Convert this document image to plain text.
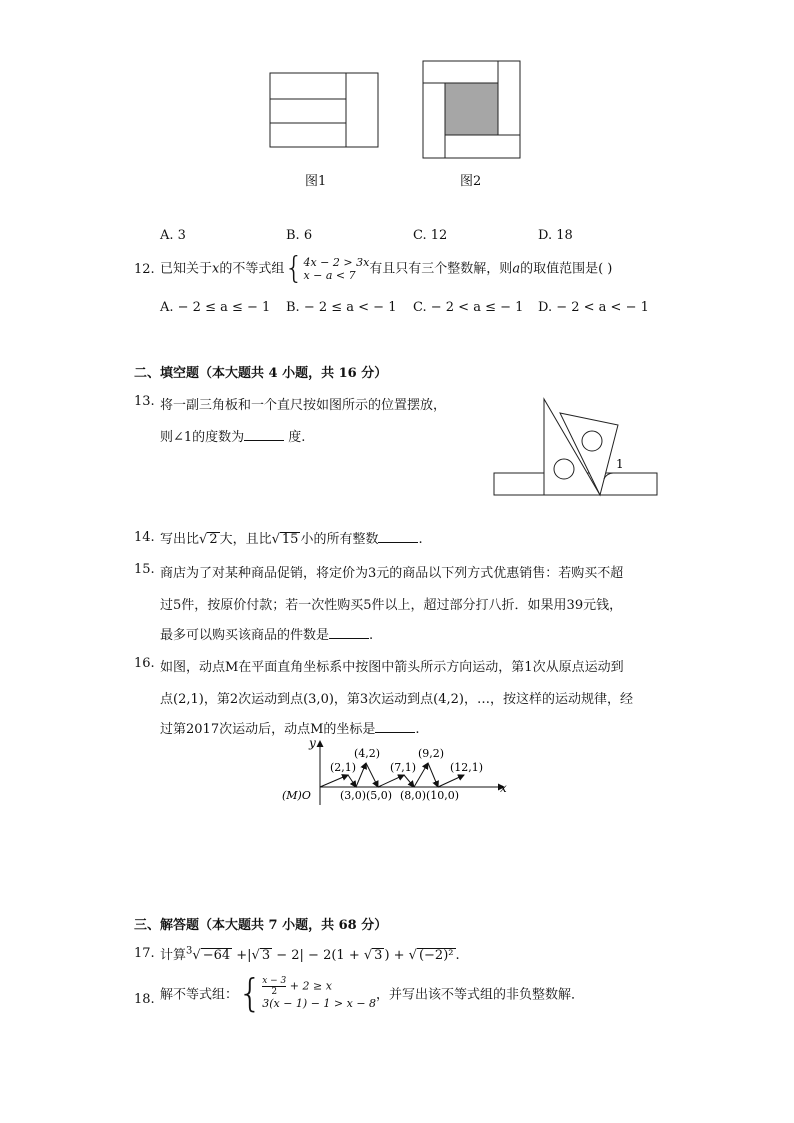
图1	图2
A. 3	B. 6	C. 12	D. 18
12. 已知关于x的不等式组{4x − 2 > 3x
x − a < 7 有且只有三个整数解，则a的取值范围是( )
A. − 2 ≤ a ≤ − 1 B. − 2 ≤ a < − 1 C. − 2 < a ≤ − 1 D. − 2 < a < − 1
二、填空题（本大题共 4 小题，共 16 分）
13. 将一副三角板和一个直尺按如图所示的位置摆放，
则∠1的度数为	度.
1
14. 写出比√ 2 大，且比√ 15 小的所有整数	.
15. 商店为了对某种商品促销，将定价为3元的商品以下列方式优惠销售：若购买不超
过5件，按原价付款；若一次性购买5件以上，超过部分打八折．如果用39元钱，
最多可以购买该商品的件数是	.
16. 如图，动点M在平面直角坐标系中按图中箭头所示方向运动，第1次从原点运动到
点(2,1)，第2次运动到点(3,0)，第3次运动到点(4,2)，…，按这样的运动规律，经
过第2017次运动后，动点M的坐标是	.
y
x
(M)O
(2,1)
(4,2)
(7,1)
(9,2)
(12,1)
(3,0) (5,0) (8,0) (10,0)
三、解答题（本大题共 7 小题，共 68 分）
17. 计算$^3$√ −64 +|√ 3 − 2| − 2(1 + √ 3 ) + √ (−2)² .
18. 解不等式组：{ $\frac{x - 3}{2} + 2 \ge x$
3(x − 1) − 1 > x − 8，并写出该不等式组的非负整数解．
